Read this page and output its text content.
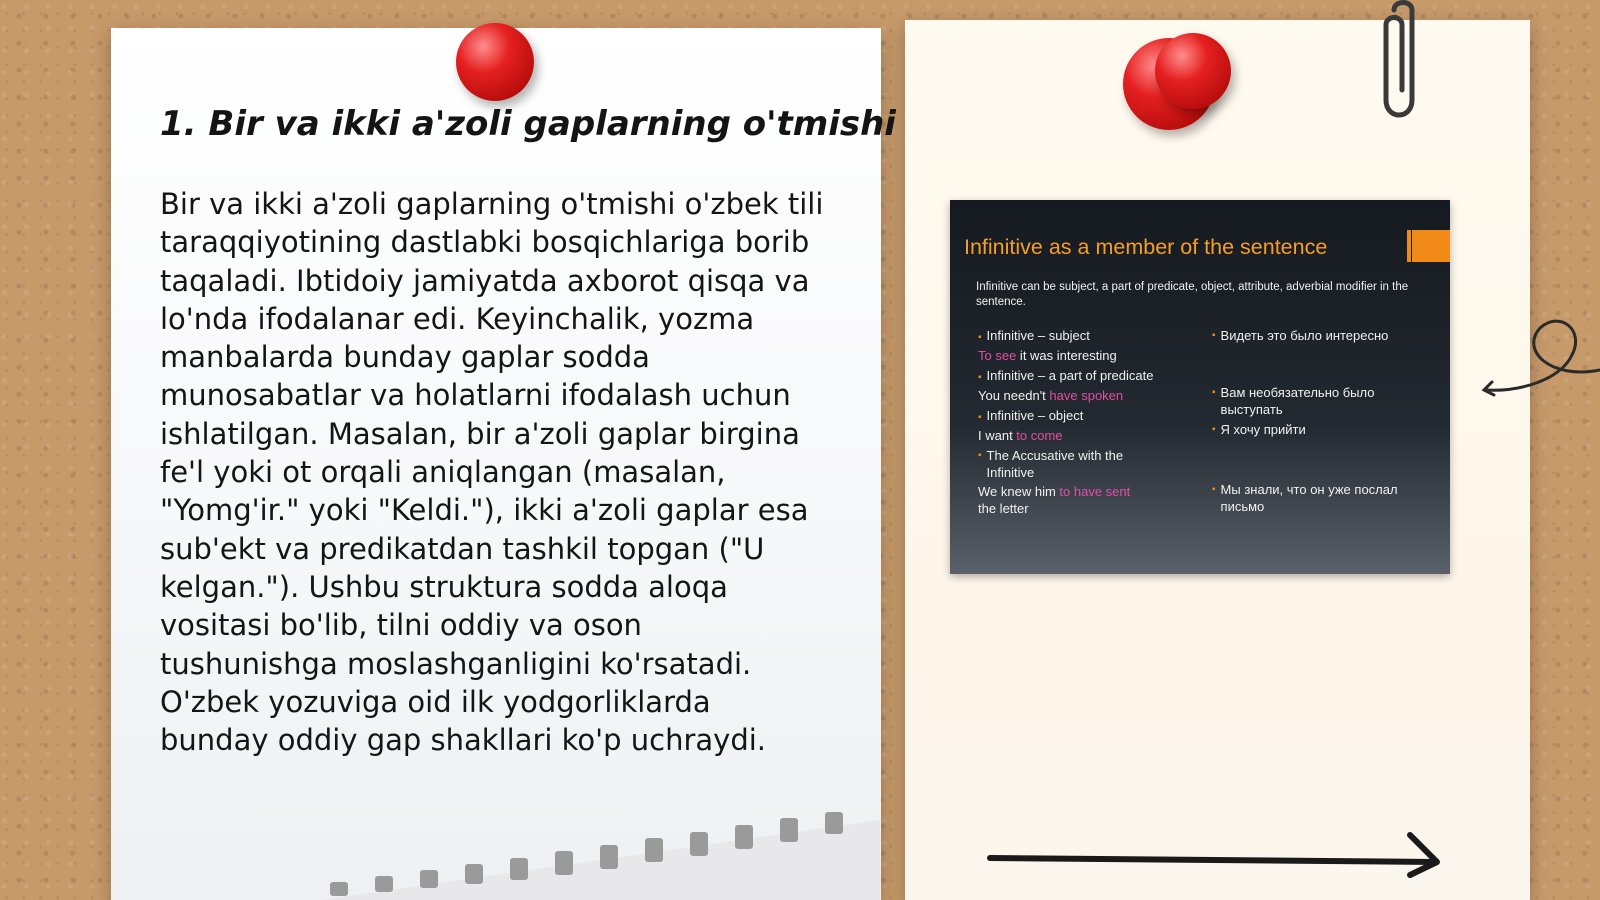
1. Bir va ikki a'zoli gaplarning o'tmishi
Bir va ikki a'zoli gaplarning o'tmishi o'zbek tili
taraqqiyotining dastlabki bosqichlariga borib
taqaladi. Ibtidoiy jamiyatda axborot qisqa va
lo'nda ifodalanar edi. Keyinchalik, yozma
manbalarda bunday gaplar sodda
munosabatlar va holatlarni ifodalash uchun
ishlatilgan. Masalan, bir a'zoli gaplar birgina
fe'l yoki ot orqali aniqlangan (masalan,
"Yomg'ir." yoki "Keldi."), ikki a'zoli gaplar esa
sub'ekt va predikatdan tashkil topgan ("U
kelgan."). Ushbu struktura sodda aloqa
vositasi bo'lib, tilni oddiy va oson
tushunishga moslashganligini ko'rsatadi.
O'zbek yozuviga oid ilk yodgorliklarda
bunday oddiy gap shakllari ko'p uchraydi.
Infinitive as a member of the sentence
Infinitive can be subject, a part of predicate, object, attribute, adverbial modifier in the sentence.
▪ Infinitive – subject
To see it was interesting
▪ Infinitive – a part of predicate
You needn't have spoken
▪ Infinitive – object
I want to come
▪ The Accusative with the Infinitive
We knew him to have sent
the letter
▪ Видеть это было интересно
▪ Вам необязательно было выступать
▪ Я хочу прийти
▪ Мы знали, что он уже послал письмо
